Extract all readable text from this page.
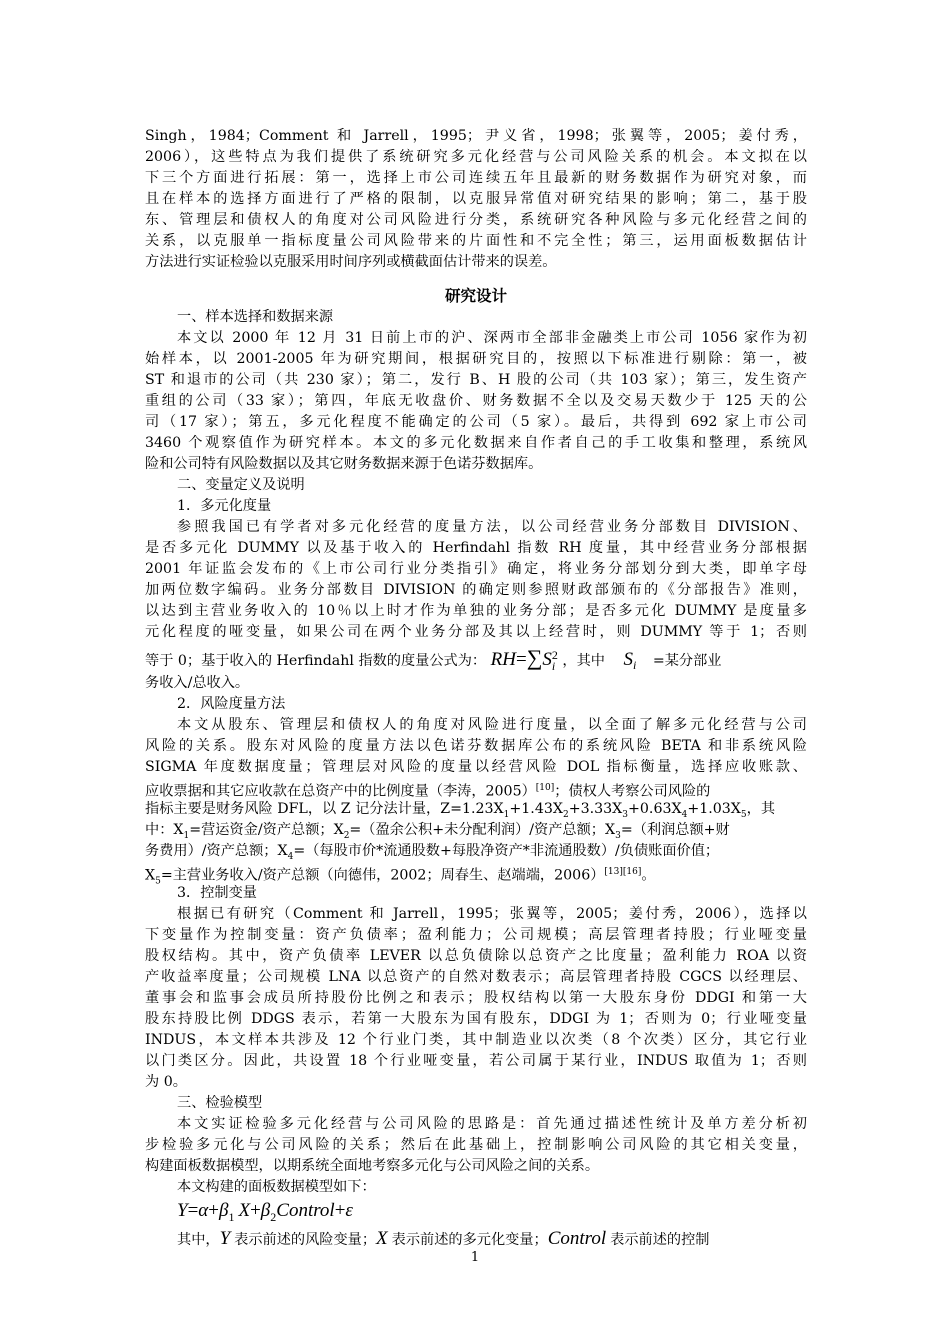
Singh，1984；Comment 和 Jarrell，1995；尹义省，1998；张翼等，2005；姜付秀，
2006），这些特点为我们提供了系统研究多元化经营与公司风险关系的机会。本文拟在以
下三个方面进行拓展：第一，选择上市公司连续五年且最新的财务数据作为研究对象，而
且在样本的选择方面进行了严格的限制，以克服异常值对研究结果的影响；第二，基于股
东、管理层和债权人的角度对公司风险进行分类，系统研究各种风险与多元化经营之间的
关系，以克服单一指标度量公司风险带来的片面性和不完全性；第三，运用面板数据估计
方法进行实证检验以克服采用时间序列或横截面估计带来的误差。
研究设计
一、样本选择和数据来源
本文以 2000 年 12 月 31 日前上市的沪、深两市全部非金融类上市公司 1056 家作为初
始样本，以 2001-2005 年为研究期间，根据研究目的，按照以下标准进行剔除：第一，被
ST 和退市的公司（共 230 家）；第二，发行 B、H 股的公司（共 103 家）；第三，发生资产
重组的公司（33 家）；第四，年底无收盘价、财务数据不全以及交易天数少于 125 天的公
司（17 家）；第五，多元化程度不能确定的公司（5 家）。最后，共得到 692 家上市公司
3460 个观察值作为研究样本。本文的多元化数据来自作者自己的手工收集和整理，系统风
险和公司特有风险数据以及其它财务数据来源于色诺芬数据库。
二、变量定义及说明
1．多元化度量
参照我国已有学者对多元化经营的度量方法，以公司经营业务分部数目 DIVISION、
是否多元化 DUMMY 以及基于收入的 Herfindahl 指数 RH 度量，其中经营业务分部根据
2001 年证监会发布的《上市公司行业分类指引》确定，将业务分部划分到大类，即单字母
加两位数字编码。业务分部数目 DIVISION 的确定则参照财政部颁布的《分部报告》准则，
以达到主营业务收入的 10％以上时才作为单独的业务分部；是否多元化 DUMMY 是度量多
元化程度的哑变量，如果公司在两个业务分部及其以上经营时，则 DUMMY 等于 1；否则
等于 0；基于收入的 Herfindahl 指数的度量公式为： RH=∑S 2
i ，其中 $S_i$ =某分部业
务收入/总收入。
2．风险度量方法
本文从股东、管理层和债权人的角度对风险进行度量，以全面了解多元化经营与公司
风险的关系。股东对风险的度量方法以色诺芬数据库公布的系统风险 BETA 和非系统风险
SIGMA 年度数据度量；管理层对风险的度量以经营风险 DOL 指标衡量，选择应收账款、
应收票据和其它应收款在总资产中的比例度量（李涛，2005）[10]；债权人考察公司风险的
指标主要是财务风险 DFL，以 Z 记分法计量，$Z=1.23X_1+1.43X_2+3.33X_3+0.63X_4+1.03X_5$，其
中：$X_1=$营运资金/资产总额；$X_2=$（盈余公积+未分配利润）/资产总额；$X_3=$（利润总额+财
务费用）/资产总额；$X_4=$（每股市价*流通股数+每股净资产*非流通股数）/负债账面价值；
$X_5=$主营业务收入/资产总额（向德伟，2002；周春生、赵端端，2006）[13][16]。
3．控制变量
根据已有研究（Comment 和 Jarrell，1995；张翼等，2005；姜付秀，2006），选择以
下变量作为控制变量：资产负债率；盈利能力；公司规模；高层管理者持股；行业哑变量
股权结构。其中，资产负债率 LEVER 以总负债除以总资产之比度量；盈利能力 ROA 以资
产收益率度量；公司规模 LNA 以总资产的自然对数表示；高层管理者持股 CGCS 以经理层、
董事会和监事会成员所持股份比例之和表示；股权结构以第一大股东身份 DDGI 和第一大
股东持股比例 DDGS 表示，若第一大股东为国有股东，DDGI 为 1；否则为 0；行业哑变量
INDUS，本文样本共涉及 12 个行业门类，其中制造业以次类（8 个次类）区分，其它行业
以门类区分。因此，共设置 18 个行业哑变量，若公司属于某行业，INDUS 取值为 1；否则
为 0。
三、检验模型
本文实证检验多元化经营与公司风险的思路是：首先通过描述性统计及单方差分析初
步检验多元化与公司风险的关系；然后在此基础上，控制影响公司风险的其它相关变量，
构建面板数据模型，以期系统全面地考察多元化与公司风险之间的关系。
本文构建的面板数据模型如下：
$Y=\alpha+\beta_1$ $X+\beta_2Control+\varepsilon$
其中，Y 表示前述的风险变量；X 表示前述的多元化变量；Control 表示前述的控制
1
